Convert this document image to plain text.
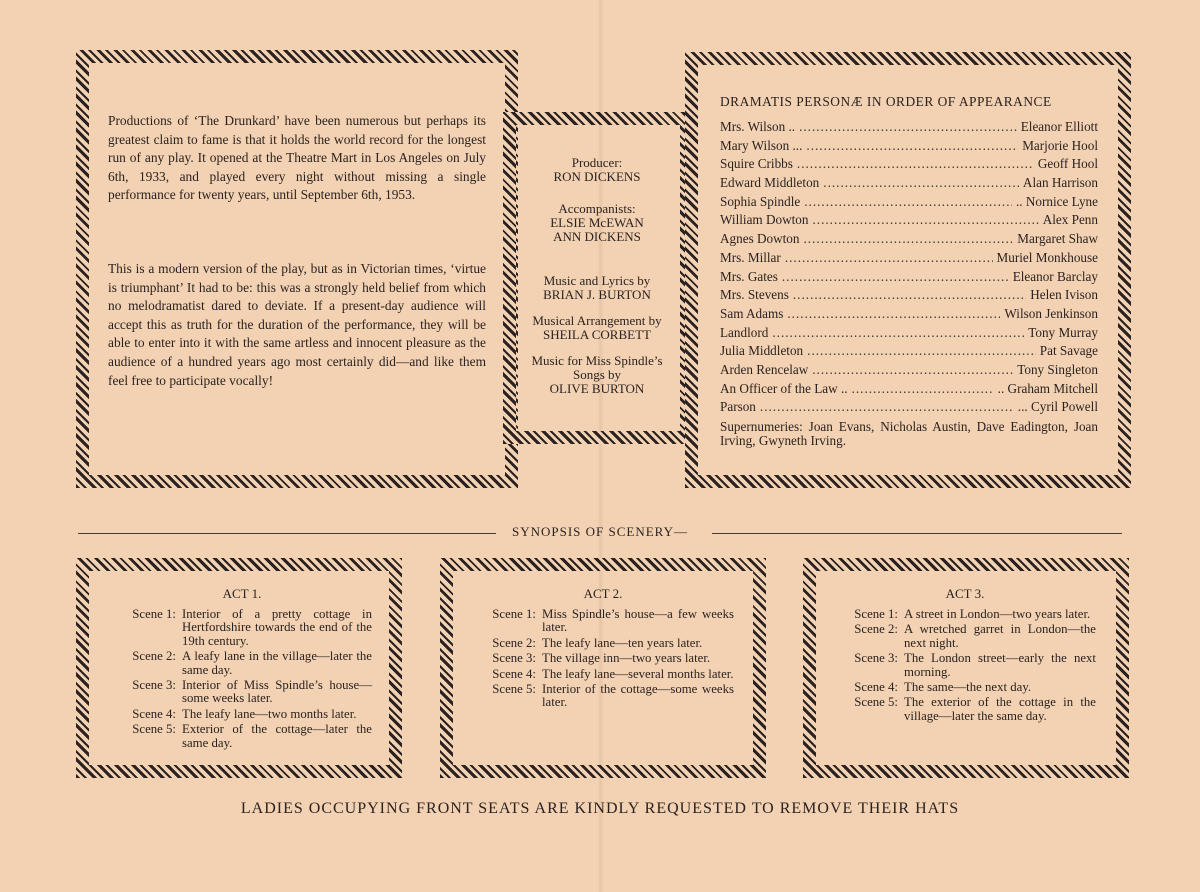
Productions of ‘The Drunkard’ have been numerous but perhaps its greatest claim to fame is that it holds the world record for the longest run of any play. It opened at the Theatre Mart in Los Angeles on July 6th, 1933, and played every night without missing a single performance for twenty years, until September 6th, 1953.
This is a modern version of the play, but as in Victorian times, ‘virtue is triumphant’ It had to be: this was a strongly held belief from which no melodramatist dared to deviate. If a present-day audience will accept this as truth for the duration of the performance, they will be able to enter into it with the same artless and innocent pleasure as the audience of a hundred years ago most certainly did—and like them feel free to participate vocally!
Producer:
RON DICKENS
Accompanists:
ELSIE McEWAN
ANN DICKENS
Music and Lyrics by
BRIAN J. BURTON
Musical Arrangement by
SHEILA CORBETT
Music for Miss Spindle’s
Songs by
OLIVE BURTON
DRAMATIS PERSONÆ IN ORDER OF APPEARANCE
Mrs. Wilson .. .....	Eleanor Elliott
Mary Wilson ... .....	Marjorie Hool
Squire Cribbs .....	Geoff Hool
Edward Middleton .....	Alan Harrison
Sophia Spindle .....	.. Nornice Lyne
William Dowton .....	Alex Penn
Agnes Dowton .....	Margaret Shaw
Mrs. Millar .....	Muriel Monkhouse
Mrs. Gates .....	Eleanor Barclay
Mrs. Stevens .....	Helen Ivison
Sam Adams .....	Wilson Jenkinson
Landlord .....	Tony Murray
Julia Middleton .....	Pat Savage
Arden Rencelaw .....	Tony Singleton
An Officer of the Law .. .....	.. Graham Mitchell
Parson .....	... Cyril Powell
Supernumeries: Joan Evans, Nicholas Austin, Dave Eadington, Joan Irving, Gwyneth Irving.
SYNOPSIS OF SCENERY—
ACT 1.
Scene 1: Interior of a pretty cottage in Hertfordshire towards the end of the 19th century.
Scene 2: A leafy lane in the village—later the same day.
Scene 3: Interior of Miss Spindle’s house—some weeks later.
Scene 4: The leafy lane—two months later.
Scene 5: Exterior of the cottage—later the same day.
ACT 2.
Scene 1: Miss Spindle’s house—a few weeks later.
Scene 2: The leafy lane—ten years later.
Scene 3: The village inn—two years later.
Scene 4: The leafy lane—several months later.
Scene 5: Interior of the cottage—some weeks later.
ACT 3.
Scene 1: A street in London—two years later.
Scene 2: A wretched garret in London—the next night.
Scene 3: The London street—early the next morning.
Scene 4: The same—the next day.
Scene 5: The exterior of the cottage in the village—later the same day.
LADIES OCCUPYING FRONT SEATS ARE KINDLY REQUESTED TO REMOVE THEIR HATS
